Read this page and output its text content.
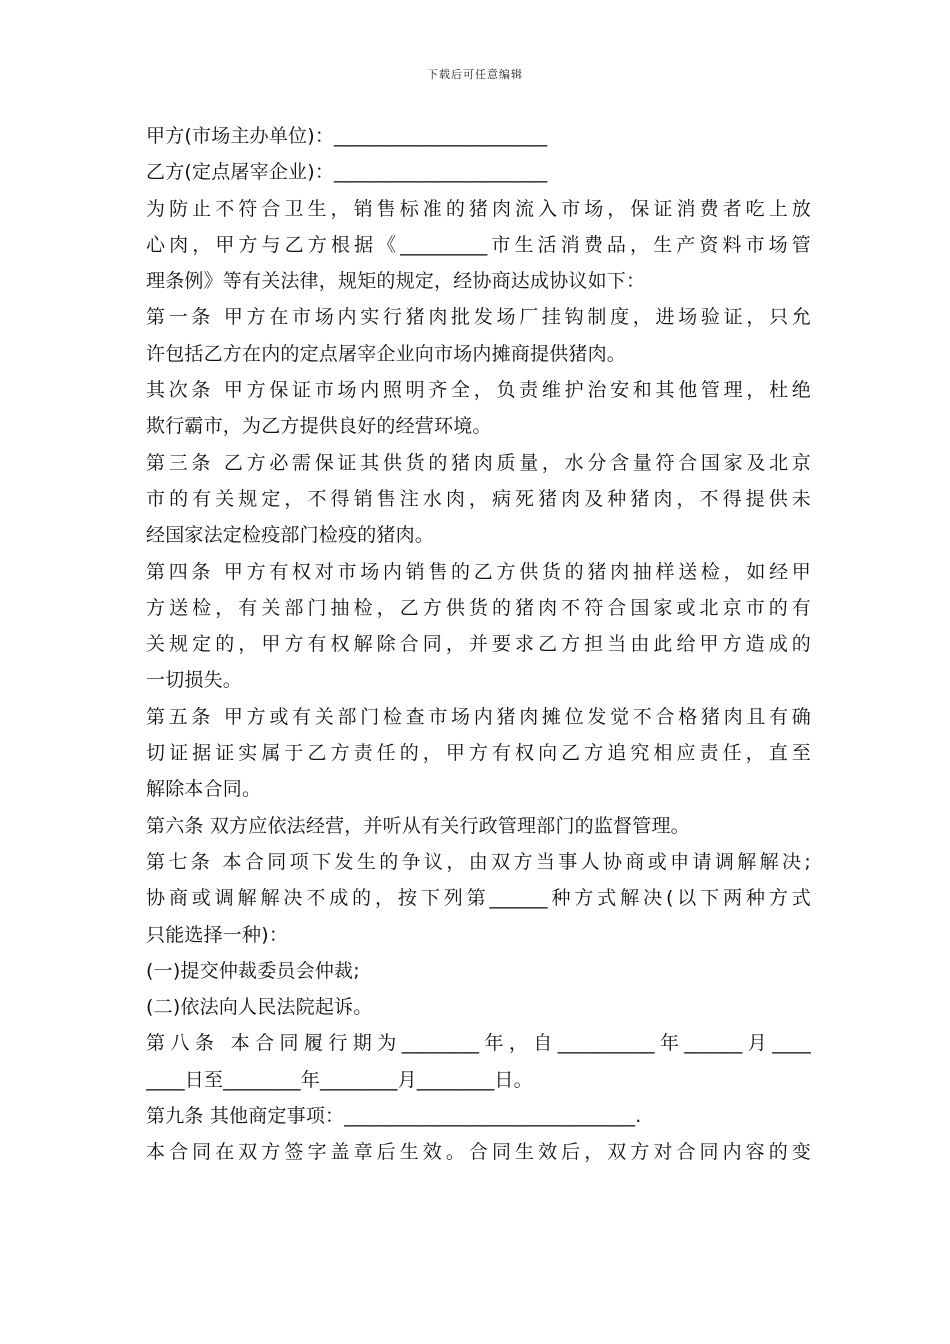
下载后可任意编辑
甲方(市场主办单位)：______________________
乙方(定点屠宰企业)：______________________
为防止不符合卫生，销售标准的猪肉流入市场，保证消费者吃上放
心肉，甲方与乙方根据《_________市生活消费品，生产资料市场管
理条例》等有关法律，规矩的规定，经协商达成协议如下：
第一条 甲方在市场内实行猪肉批发场厂挂钩制度，进场验证，只允
许包括乙方在内的定点屠宰企业向市场内摊商提供猪肉。
其次条 甲方保证市场内照明齐全，负责维护治安和其他管理，杜绝
欺行霸市，为乙方提供良好的经营环境。
第三条 乙方必需保证其供货的猪肉质量，水分含量符合国家及北京
市的有关规定，不得销售注水肉，病死猪肉及种猪肉，不得提供未
经国家法定检疫部门检疫的猪肉。
第四条 甲方有权对市场内销售的乙方供货的猪肉抽样送检，如经甲
方送检，有关部门抽检，乙方供货的猪肉不符合国家或北京市的有
关规定的，甲方有权解除合同，并要求乙方担当由此给甲方造成的
一切损失。
第五条 甲方或有关部门检查市场内猪肉摊位发觉不合格猪肉且有确
切证据证实属于乙方责任的，甲方有权向乙方追究相应责任，直至
解除本合同。
第六条 双方应依法经营，并听从有关行政管理部门的监督管理。
第七条 本合同项下发生的争议，由双方当事人协商或申请调解解决;
协商或调解解决不成的，按下列第______种方式解决(以下两种方式
只能选择一种)：
(一)提交仲裁委员会仲裁;
(二)依法向人民法院起诉。
第八条 本合同履行期为________年，自__________年______月____
____日至________年________月________日。
第九条 其他商定事项：______________________________.
本合同在双方签字盖章后生效。合同生效后，双方对合同内容的变
